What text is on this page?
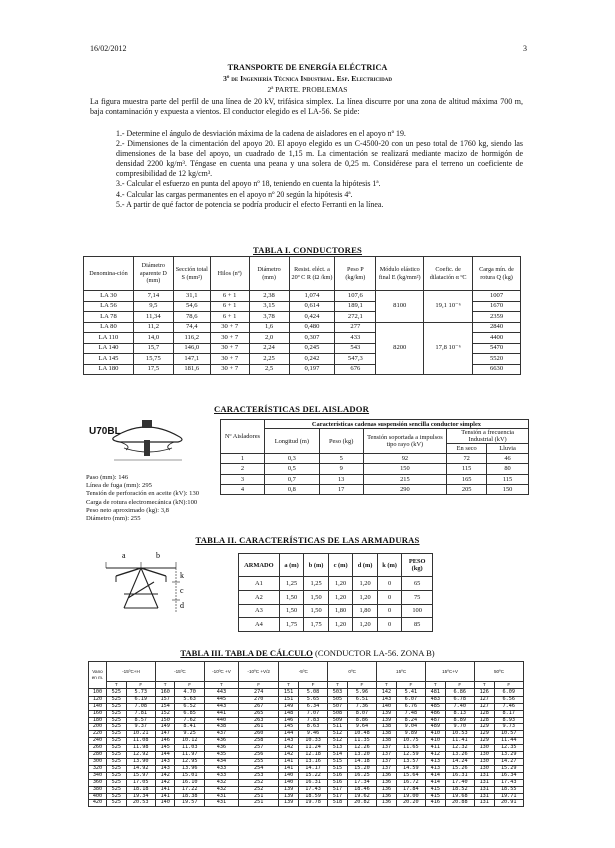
16/02/2012	3
TRANSPORTE DE ENERGÍA ELÉCTRICA
3º de Ingeniería Técnica Industrial. Esp. Electricidad
2ª PARTE. PROBLEMAS
La figura muestra parte del perfil de una línea de 20 kV, trifásica simplex. La línea discurre por una zona de altitud máxima 700 m, baja contaminación y expuesta a vientos. El conductor elegido es el LA-56. Se pide:
1.- Determine el ángulo de desviación máxima de la cadena de aisladores en el apoyo nº 19.
2.- Dimensiones de la cimentación del apoyo 20. El apoyo elegido es un C-4500-20 con un peso total de 1760 kg, siendo las dimensiones de la base del apoyo, un cuadrado de 1,15 m. La cimentación se realizará mediante macizo de hormigón de densidad 2200 kg/m³. Téngase en cuenta una peana y una solera de 0,25 m. Considérese para el terreno un coeficiente de compresibilidad de 12 kg/cm³.
3.- Calcular el esfuerzo en punta del apoyo nº 18, teniendo en cuenta la hipótesis 1ª.
4.- Calcular las cargas permanentes en el apoyo nº 20 según la hipótesis 4ª.
5.- A partir de qué factor de potencia se podría producir el efecto Ferranti en la línea.
TABLA I. CONDUCTORES
Denomina-ción	Diámetro aparente D (mm)	Sección total S (mm²)	Hilos (nº)	Diámetro (mm)	Resist. eléct. a 20º C R (Ω /km)	Peso P (kg/km)	Módulo elástico final E (kg/mm²)	Coefic. de dilatación α ºC	Carga mín. de rotura Q (kg)
LA 30	7,14	31,1	6 + 1	2,38	1,074	107,6	8100	19,1 10⁻⁶	1007
LA 56	9,5	54,6	6 + 1	3,15	0,614	189,1			1670
LA 78	11,34	78,6	6 + 1	3,78	0,424	272,1			2359
LA 80	11,2	74,4	30 + 7	1,6	0,480	277	8200	17,8 10⁻⁶	2840
LA 110	14,0	116,2	30 + 7	2,0	0,307	433			4400
LA 140	15,7	146,0	30 + 7	2,24	0,245	543			5470
LA 145	15,75	147,1	30 + 7	2,25	0,242	547,3			5520
LA 180	17,5	181,6	30 + 7	2,5	0,197	676			6630
CARACTERÍSTICAS DEL AISLADOR
U70BL
Paso (mm): 146
Línea de fuga (mm): 295
Tensión de perforación en aceite (kV): 130
Carga de rotura electromecánica (kN):100
Peso neto aproximado (kg): 3,8
Diámetro (mm): 255
Nº Aisladores	Características cadenas suspensión sencilla conductor simplex				
	Longitud (m)	Peso (kg)	Tensión soportada a impulsos tipo rayo (kV)	Tensión a frecuencia Industrial (kV)	
				En seco	Lluvia
1	0,3	5	92	72	46
2	0,5	9	150	115	80
3	0,7	13	215	165	115
4	0,8	17	290	205	150
TABLA II. CARACTERÍSTICAS DE LAS ARMADURAS
a	b
k
c
d
ARMADO	a (m)	b (m)	c (m)	d (m)	k (m)	PESO (kg)
A1	1,25	1,25	1,20	1,20	0	65
A2	1,50	1,50	1,20	1,20	0	75
A3	1,50	1,50	1,80	1,80	0	100
A4	1,75	1,75	1,20	1,20	0	85
TABLA III. TABLA DE CÁLCULO (CONDUCTOR LA-56. ZONA B)
Vano en m.	-15ºC+H		-15ºC		-10ºC +V	-10ºC +V/2	-5ºC		0ºC		15ºC		15ºC+V		50ºC	
	T	F	T	F	T	F	T	F	T	F	T	F	T	F	T	F
100	525	5.73	160	4.70	443	274	151	5.08	503	5.96	142	5.41	481	6.86	126	6.09
120	525	6.19	157	5.63	445	270	151	5.65	505	6.51	143	6.07	483	6.78	127	6.56
140	525	7.08	154	6.52	443	267	149	6.34	507	7.36	140	6.76	485	7.40	127	7.46
160	525	7.81	152	6.85	441	265	148	7.07	508	8.07	139	7.48	486	8.13	128	8.17
180	525	8.57	150	7.62	440	263	146	7.83	509	8.86	139	8.24	487	8.89	128	8.93
200	525	9.37	149	8.41	438	261	145	8.63	511	9.64	138	9.04	489	9.70	129	9.73
220	525	10.21	147	9.25	437	260	144	9.46	512	10.48	138	9.89	410	10.53	129	10.57
240	525	11.08	146	10.12	436	258	143	10.33	512	11.35	138	10.75	410	11.41	129	11.44
260	525	11.98	145	11.03	436	257	142	11.24	513	12.26	137	11.65	411	12.32	130	12.35
280	525	12.92	144	11.97	435	256	142	12.18	514	13.20	137	12.59	412	13.26	130	13.29
300	525	13.90	143	12.95	434	255	141	13.16	515	14.18	137	13.57	413	14.24	130	14.27
320	525	14.92	143	13.96	433	254	141	14.17	515	15.20	137	14.59	413	15.26	130	15.29
340	525	15.97	142	15.01	433	253	140	15.22	516	16.25	136	15.64	414	16.31	131	16.34
360	525	17.05	142	16.10	432	252	140	16.31	516	17.34	136	16.72	414	17.40	131	17.43
380	525	18.18	141	17.22	432	252	139	17.43	517	18.46	136	17.84	415	18.52	131	18.55
400	525	19.34	141	18.38	431	251	139	18.59	517	19.62	136	19.00	415	19.68	131	19.71
420	525	20.53	140	19.57	431	251	139	19.78	518	20.82	136	20.20	416	20.88	131	20.91
